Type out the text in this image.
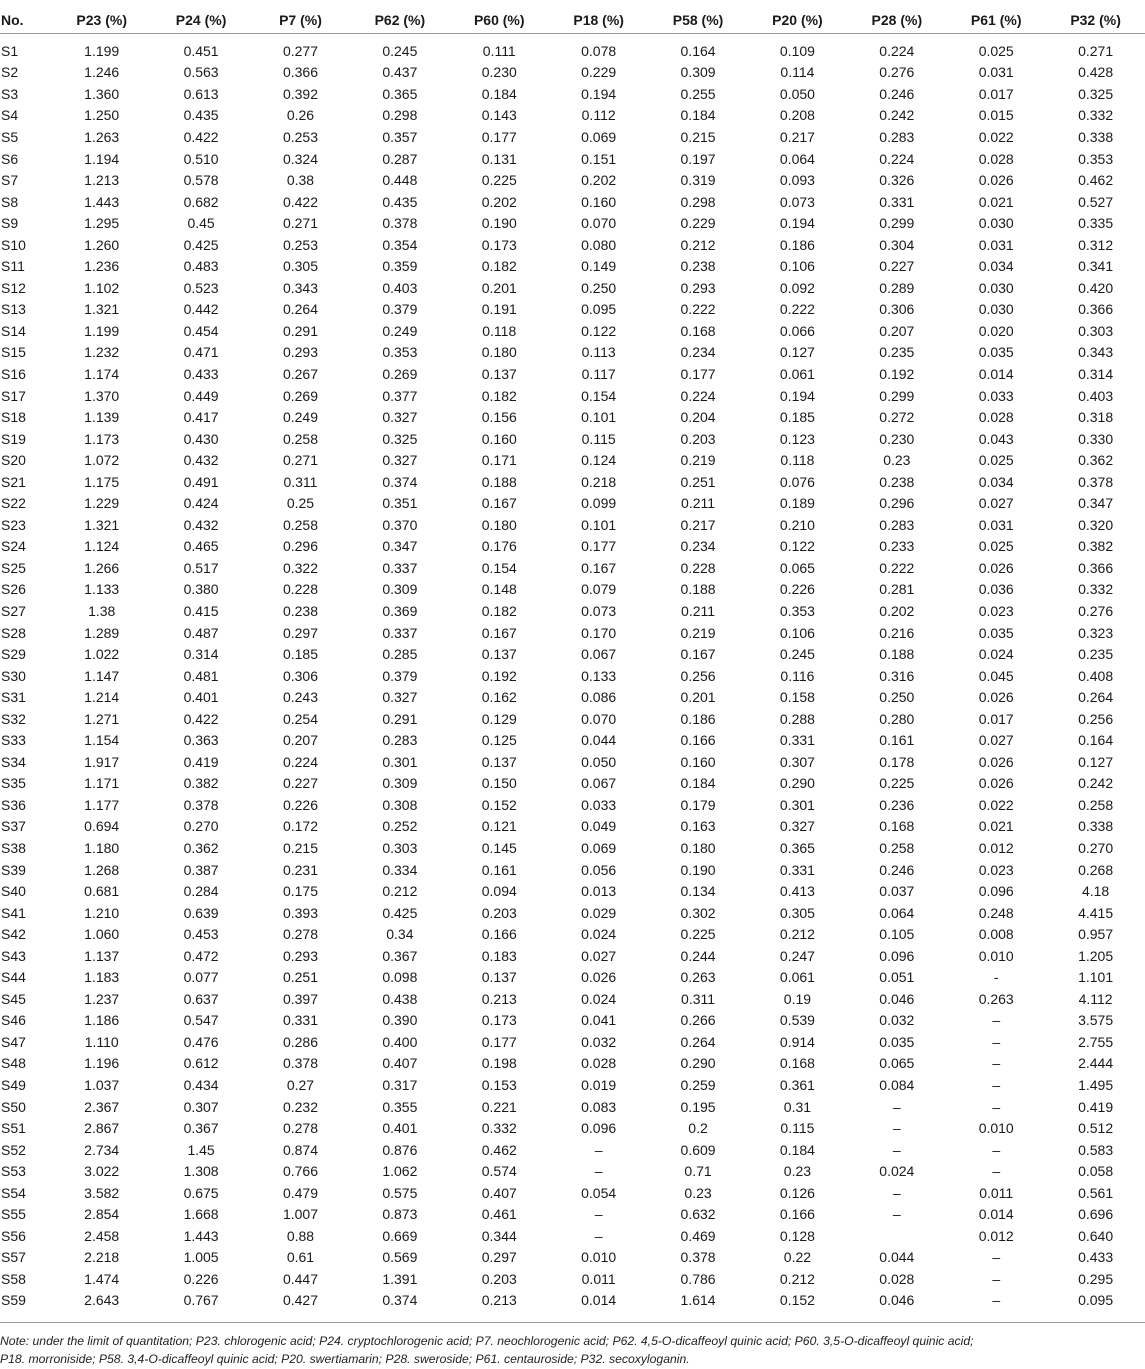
No.	P23 (%)	P24 (%)	P7 (%)	P62 (%)	P60 (%)	P18 (%)	P58 (%)	P20 (%)	P28 (%)	P61 (%)	P32 (%)
S1	1.199	0.451	0.277	0.245	0.111	0.078	0.164	0.109	0.224	0.025	0.271
S2	1.246	0.563	0.366	0.437	0.230	0.229	0.309	0.114	0.276	0.031	0.428
S3	1.360	0.613	0.392	0.365	0.184	0.194	0.255	0.050	0.246	0.017	0.325
S4	1.250	0.435	0.26	0.298	0.143	0.112	0.184	0.208	0.242	0.015	0.332
S5	1.263	0.422	0.253	0.357	0.177	0.069	0.215	0.217	0.283	0.022	0.338
S6	1.194	0.510	0.324	0.287	0.131	0.151	0.197	0.064	0.224	0.028	0.353
S7	1.213	0.578	0.38	0.448	0.225	0.202	0.319	0.093	0.326	0.026	0.462
S8	1.443	0.682	0.422	0.435	0.202	0.160	0.298	0.073	0.331	0.021	0.527
S9	1.295	0.45	0.271	0.378	0.190	0.070	0.229	0.194	0.299	0.030	0.335
S10	1.260	0.425	0.253	0.354	0.173	0.080	0.212	0.186	0.304	0.031	0.312
S11	1.236	0.483	0.305	0.359	0.182	0.149	0.238	0.106	0.227	0.034	0.341
S12	1.102	0.523	0.343	0.403	0.201	0.250	0.293	0.092	0.289	0.030	0.420
S13	1.321	0.442	0.264	0.379	0.191	0.095	0.222	0.222	0.306	0.030	0.366
S14	1.199	0.454	0.291	0.249	0.118	0.122	0.168	0.066	0.207	0.020	0.303
S15	1.232	0.471	0.293	0.353	0.180	0.113	0.234	0.127	0.235	0.035	0.343
S16	1.174	0.433	0.267	0.269	0.137	0.117	0.177	0.061	0.192	0.014	0.314
S17	1.370	0.449	0.269	0.377	0.182	0.154	0.224	0.194	0.299	0.033	0.403
S18	1.139	0.417	0.249	0.327	0.156	0.101	0.204	0.185	0.272	0.028	0.318
S19	1.173	0.430	0.258	0.325	0.160	0.115	0.203	0.123	0.230	0.043	0.330
S20	1.072	0.432	0.271	0.327	0.171	0.124	0.219	0.118	0.23	0.025	0.362
S21	1.175	0.491	0.311	0.374	0.188	0.218	0.251	0.076	0.238	0.034	0.378
S22	1.229	0.424	0.25	0.351	0.167	0.099	0.211	0.189	0.296	0.027	0.347
S23	1.321	0.432	0.258	0.370	0.180	0.101	0.217	0.210	0.283	0.031	0.320
S24	1.124	0.465	0.296	0.347	0.176	0.177	0.234	0.122	0.233	0.025	0.382
S25	1.266	0.517	0.322	0.337	0.154	0.167	0.228	0.065	0.222	0.026	0.366
S26	1.133	0.380	0.228	0.309	0.148	0.079	0.188	0.226	0.281	0.036	0.332
S27	1.38	0.415	0.238	0.369	0.182	0.073	0.211	0.353	0.202	0.023	0.276
S28	1.289	0.487	0.297	0.337	0.167	0.170	0.219	0.106	0.216	0.035	0.323
S29	1.022	0.314	0.185	0.285	0.137	0.067	0.167	0.245	0.188	0.024	0.235
S30	1.147	0.481	0.306	0.379	0.192	0.133	0.256	0.116	0.316	0.045	0.408
S31	1.214	0.401	0.243	0.327	0.162	0.086	0.201	0.158	0.250	0.026	0.264
S32	1.271	0.422	0.254	0.291	0.129	0.070	0.186	0.288	0.280	0.017	0.256
S33	1.154	0.363	0.207	0.283	0.125	0.044	0.166	0.331	0.161	0.027	0.164
S34	1.917	0.419	0.224	0.301	0.137	0.050	0.160	0.307	0.178	0.026	0.127
S35	1.171	0.382	0.227	0.309	0.150	0.067	0.184	0.290	0.225	0.026	0.242
S36	1.177	0.378	0.226	0.308	0.152	0.033	0.179	0.301	0.236	0.022	0.258
S37	0.694	0.270	0.172	0.252	0.121	0.049	0.163	0.327	0.168	0.021	0.338
S38	1.180	0.362	0.215	0.303	0.145	0.069	0.180	0.365	0.258	0.012	0.270
S39	1.268	0.387	0.231	0.334	0.161	0.056	0.190	0.331	0.246	0.023	0.268
S40	0.681	0.284	0.175	0.212	0.094	0.013	0.134	0.413	0.037	0.096	4.18
S41	1.210	0.639	0.393	0.425	0.203	0.029	0.302	0.305	0.064	0.248	4.415
S42	1.060	0.453	0.278	0.34	0.166	0.024	0.225	0.212	0.105	0.008	0.957
S43	1.137	0.472	0.293	0.367	0.183	0.027	0.244	0.247	0.096	0.010	1.205
S44	1.183	0.077	0.251	0.098	0.137	0.026	0.263	0.061	0.051	-	1.101
S45	1.237	0.637	0.397	0.438	0.213	0.024	0.311	0.19	0.046	0.263	4.112
S46	1.186	0.547	0.331	0.390	0.173	0.041	0.266	0.539	0.032	–	3.575
S47	1.110	0.476	0.286	0.400	0.177	0.032	0.264	0.914	0.035	–	2.755
S48	1.196	0.612	0.378	0.407	0.198	0.028	0.290	0.168	0.065	–	2.444
S49	1.037	0.434	0.27	0.317	0.153	0.019	0.259	0.361	0.084	–	1.495
S50	2.367	0.307	0.232	0.355	0.221	0.083	0.195	0.31	–	–	0.419
S51	2.867	0.367	0.278	0.401	0.332	0.096	0.2	0.115	–	0.010	0.512
S52	2.734	1.45	0.874	0.876	0.462	–	0.609	0.184	–	–	0.583
S53	3.022	1.308	0.766	1.062	0.574	–	0.71	0.23	0.024	–	0.058
S54	3.582	0.675	0.479	0.575	0.407	0.054	0.23	0.126	–	0.011	0.561
S55	2.854	1.668	1.007	0.873	0.461	–	0.632	0.166	–	0.014	0.696
S56	2.458	1.443	0.88	0.669	0.344	–	0.469	0.128		0.012	0.640
S57	2.218	1.005	0.61	0.569	0.297	0.010	0.378	0.22	0.044	–	0.433
S58	1.474	0.226	0.447	1.391	0.203	0.011	0.786	0.212	0.028	–	0.295
S59	2.643	0.767	0.427	0.374	0.213	0.014	1.614	0.152	0.046	–	0.095
Note: under the limit of quantitation; P23. chlorogenic acid; P24. cryptochlorogenic acid; P7. neochlorogenic acid; P62. 4,5-O-dicaffeoyl quinic acid; P60. 3,5-O-dicaffeoyl quinic acid;
P18. morroniside; P58. 3,4-O-dicaffeoyl quinic acid; P20. swertiamarin; P28. sweroside; P61. centauroside; P32. secoxyloganin.
